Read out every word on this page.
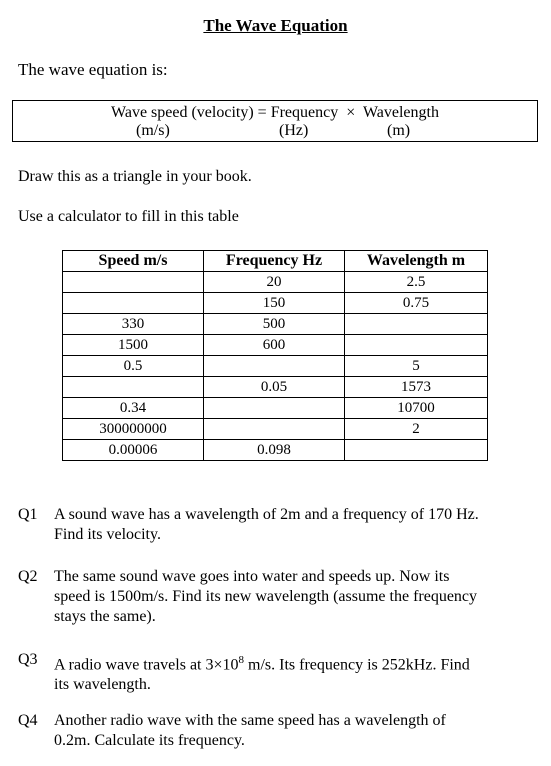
The Wave Equation
The wave equation is:
Wave speed (velocity) = Frequency  ×  Wavelength
(m/s)	(Hz)	(m)
Draw this as a triangle in your book.
Use a calculator to fill in this table
Speed m/s	Frequency Hz	Wavelength m
	20	2.5
	150	0.75
330	500	
1500	600	
0.5		5
	0.05	1573
0.34		10700
300000000		2
0.00006	0.098	
Q1 A sound wave has a wavelength of 2m and a frequency of 170 Hz.
Find its velocity.
Q2 The same sound wave goes into water and speeds up. Now its
speed is 1500m/s. Find its new wavelength (assume the frequency
stays the same).
Q3 A radio wave travels at $3\times 10^8$ m/s. Its frequency is 252kHz. Find
its wavelength.
Q4 Another radio wave with the same speed has a wavelength of
0.2m. Calculate its frequency.
